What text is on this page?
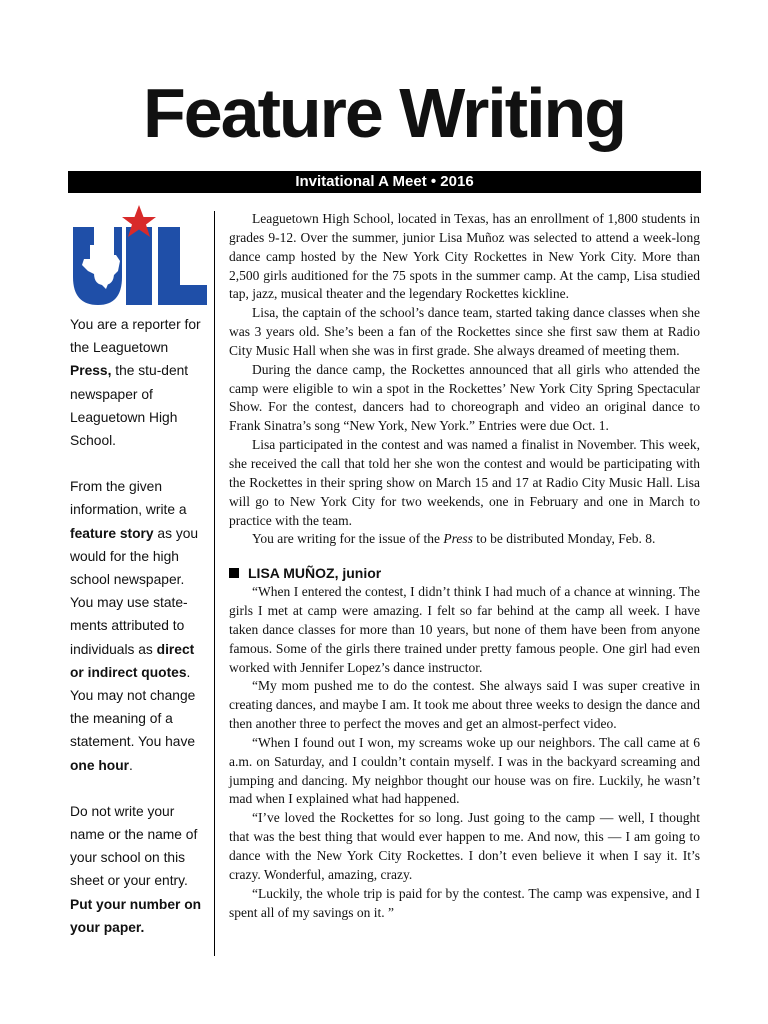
Feature Writing
Invitational A Meet • 2016

You are a reporter for the Leaguetown Press, the stu-dent newspaper of Leaguetown High School.

From the given information, write a feature story as you would for the high school newspaper. You may use state-ments attributed to individuals as direct or indirect quotes. You may not change the meaning of a statement. You have one hour.

Do not write your name or the name of your school on this sheet or your entry. Put your number on your paper.

Leaguetown High School, located in Texas, has an enrollment of 1,800 students in grades 9-12. Over the summer, junior Lisa Muñoz was selected to attend a week-long dance camp hosted by the New York City Rockettes in New York City. More than 2,500 girls auditioned for the 75 spots in the summer camp. At the camp, Lisa studied tap, jazz, musical theater and the legendary Rockettes kickline.

Lisa, the captain of the school’s dance team, started taking dance classes when she was 3 years old. She’s been a fan of the Rockettes since she first saw them at Radio City Music Hall when she was in first grade. She always dreamed of meeting them.

During the dance camp, the Rockettes announced that all girls who attended the camp were eligible to win a spot in the Rockettes’ New York City Spring Spectacular Show. For the contest, dancers had to choreograph and video an original dance to Frank Sinatra’s song “New York, New York.” Entries were due Oct. 1.

Lisa participated in the contest and was named a finalist in November. This week, she received the call that told her she won the contest and would be participating with the Rockettes in their spring show on March 15 and 17 at Radio City Music Hall. Lisa will go to New York City for two weekends, one in February and one in March to practice with the team.

You are writing for the issue of the Press to be distributed Monday, Feb. 8.

LISA MUÑOZ, junior

“When I entered the contest, I didn’t think I had much of a chance at winning. The girls I met at camp were amazing. I felt so far behind at the camp all week. I have taken dance classes for more than 10 years, but none of them have been from anyone famous. Some of the girls there trained under pretty famous people. One girl had even worked with Jennifer Lopez’s dance instructor.

“My mom pushed me to do the contest. She always said I was super creative in creating dances, and maybe I am. It took me about three weeks to design the dance and then another three to perfect the moves and get an almost-perfect video.

“When I found out I won, my screams woke up our neighbors. The call came at 6 a.m. on Saturday, and I couldn’t contain myself. I was in the backyard screaming and jumping and dancing. My neighbor thought our house was on fire. Luckily, he wasn’t mad when I explained what had happened.

“I’ve loved the Rockettes for so long. Just going to the camp — well, I thought that was the best thing that would ever happen to me. And now, this — I am going to dance with the New York City Rockettes. I don’t even believe it when I say it. It’s crazy. Wonderful, amazing, crazy.

“Luckily, the whole trip is paid for by the contest. The camp was expensive, and I spent all of my savings on it. ”
